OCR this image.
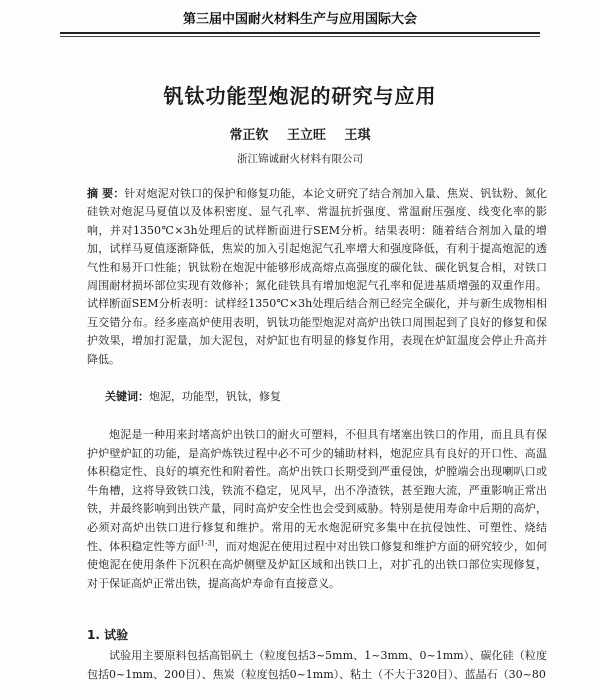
第三届中国耐火材料生产与应用国际大会
钒钛功能型炮泥的研究与应用
常正钦 王立旺 王琪
浙江锦诚耐火材料有限公司
摘 要：针对炮泥对铁口的保护和修复功能，本论文研究了结合剂加入量、焦炭、钒钛粉、氮化硅铁对炮泥马夏值以及体积密度、显气孔率、常温抗折强度、常温耐压强度、线变化率的影响，并对1350℃×3h处理后的试样断面进行SEM分析。结果表明：随着结合剂加入量的增加，试样马夏值逐渐降低，焦炭的加入引起炮泥气孔率增大和强度降低，有利于提高炮泥的透气性和易开口性能；钒钛粉在炮泥中能够形成高熔点高强度的碳化钛、碳化钒复合相，对铁口周围耐材损坏部位实现有效修补；氮化硅铁具有增加炮泥气孔率和促进基质增强的双重作用。试样断面SEM分析表明：试样经1350℃×3h处理后结合剂已经完全碳化，并与新生成物相相互交错分布。经多座高炉使用表明，钒钛功能型炮泥对高炉出铁口周围起到了良好的修复和保护效果，增加打泥量，加大泥包，对炉缸也有明显的修复作用，表现在炉缸温度会停止升高并降低。
关键词：炮泥，功能型，钒钛，修复
炮泥是一种用来封堵高炉出铁口的耐火可塑料，不但具有堵塞出铁口的作用，而且具有保护炉壁炉缸的功能，是高炉炼铁过程中必不可少的辅助材料，炮泥应具有良好的开口性、高温体积稳定性、良好的填充性和附着性。高炉出铁口长期受到严重侵蚀，炉膛端会出现喇叭口或牛角槽，这将导致铁口浅，铁流不稳定，见风早，出不净渣铁，甚至跑大流，严重影响正常出铁，并最终影响到出铁产量，同时高炉安全性也会受到威胁。特别是使用寿命中后期的高炉，必须对高炉出铁口进行修复和维护。常用的无水炮泥研究多集中在抗侵蚀性、可塑性、烧结性、体积稳定性等方面[1-3]，而对炮泥在使用过程中对出铁口修复和维护方面的研究较少，如何使炮泥在使用条件下沉积在高炉侧壁及炉缸区域和出铁口上，对扩孔的出铁口部位实现修复，对于保证高炉正常出铁，提高高炉寿命有直接意义。
1. 试验
试验用主要原料包括高铝矾土（粒度包括3~5mm、1~3mm、0~1mm）、碳化硅（粒度包括0~1mm、200目）、焦炭（粒度包括0~1mm）、粘土（不大于320目）、蓝晶石（30~80
